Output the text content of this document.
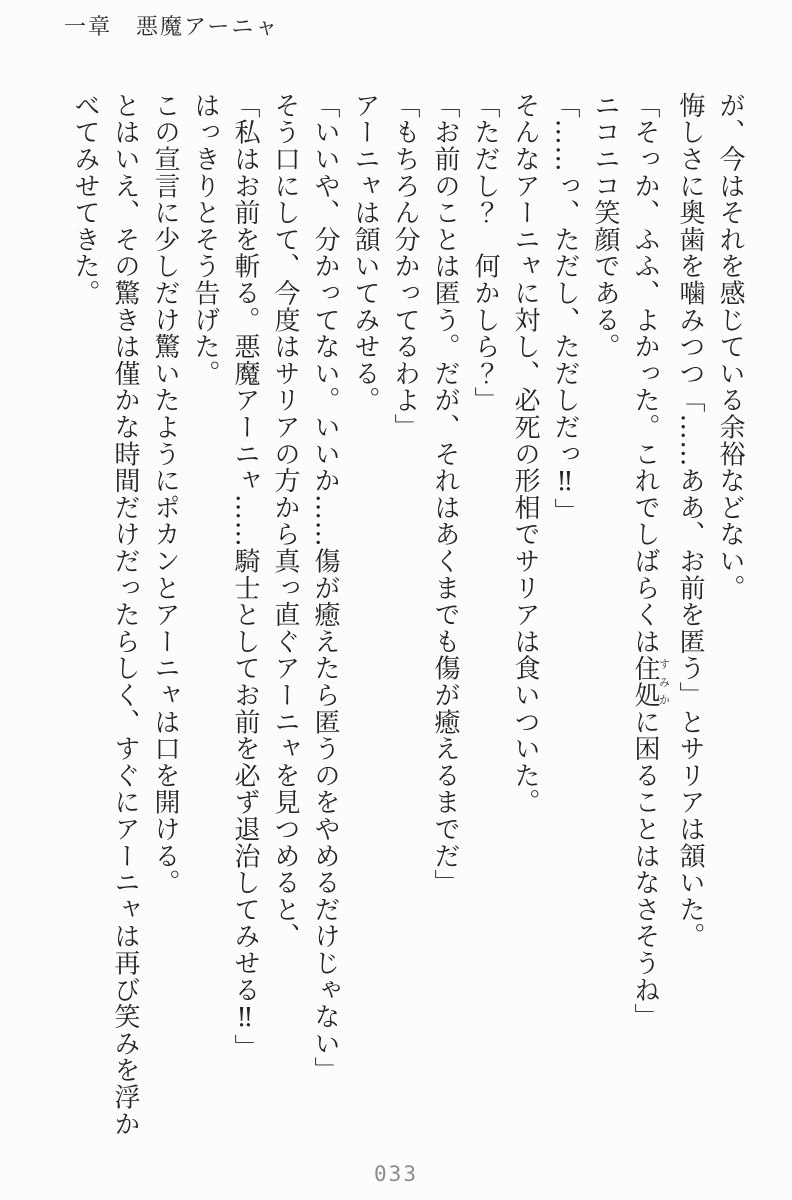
一章　悪魔アーニャ

が、今はそれを感じている余裕などない。

悔しさに奥歯を噛みつつ「……ああ、お前を匿う」とサリアは頷いた。

「そっか、ふふ、よかった。これでしばらくは住処すみかに困ることはなさそうね」

ニコニコ笑顔である。

「……っ、ただし、ただしだっ‼」

そんなアーニャに対し、必死の形相でサリアは食いついた。

「ただし？　何かしら？」

「お前のことは匿う。だが、それはあくまでも傷が癒えるまでだ」

「もちろん分かってるわよ」

アーニャは頷いてみせる。

「いいや、分かってない。いいか……傷が癒えたら匿うのをやめるだけじゃない」

そう口にして、今度はサリアの方から真っ直ぐアーニャを見つめると、

「私はお前を斬る。悪魔アーニャ……騎士としてお前を必ず退治してみせる‼」

はっきりとそう告げた。

この宣言に少しだけ驚いたようにポカンとアーニャは口を開ける。

とはいえ、その驚きは僅かな時間だけだったらしく、すぐにアーニャは再び笑みを浮かべてみせてきた。

033
